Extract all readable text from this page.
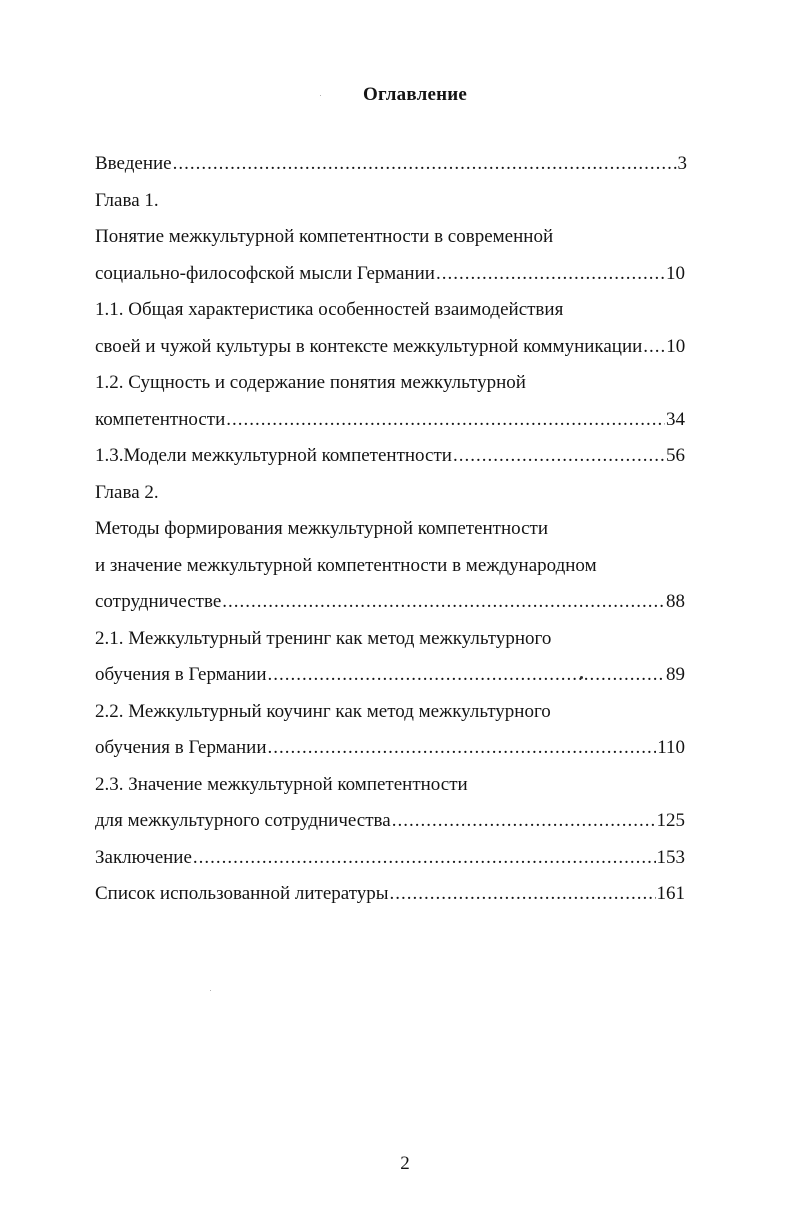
Оглавление
Введение .....	3
Глава 1.
Понятие межкультурной компетентности в современной
социально-философской мысли Германии .....	10
1.1. Общая характеристика особенностей взаимодействия
своей и чужой культуры в контексте межкультурной коммуникации ..... 10
1.2. Сущность и содержание понятия межкультурной
компетентности .....	34
1.3.Модели межкультурной компетентности .....	56
Глава 2.
Методы формирования межкультурной компетентности
и значение межкультурной компетентности в международном
сотрудничестве .....	88
2.1. Межкультурный тренинг как метод межкультурного
обучения в Германии .....	89
2.2. Межкультурный коучинг как метод межкультурного
обучения в Германии .....	110
2.3. Значение межкультурной компетентности
для межкультурного сотрудничества .....	125
Заключение .....	153
Список использованной литературы .....	161
2
